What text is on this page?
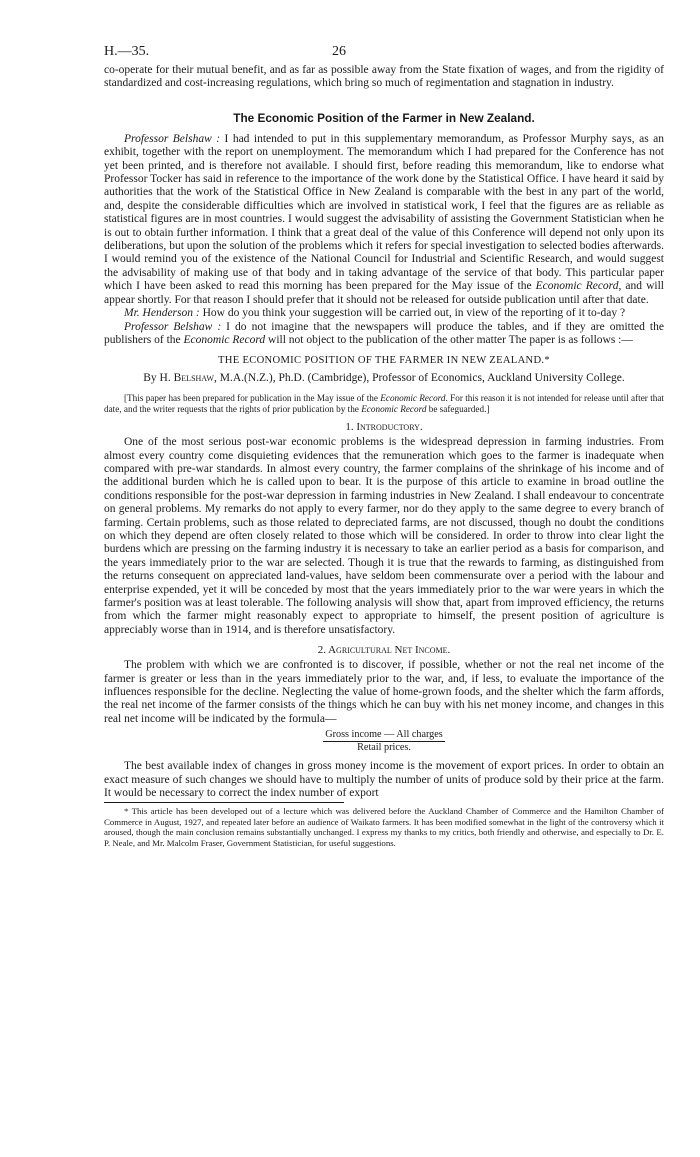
H.—35.	26

co-operate for their mutual benefit, and as far as possible away from the State fixation of wages, and from the rigidity of standardized and cost-increasing regulations, which bring so much of regimentation and stagnation in industry.

The Economic Position of the Farmer in New Zealand.

Professor Belshaw : I had intended to put in this supplementary memorandum, as Professor Murphy says, as an exhibit, together with the report on unemployment. The memorandum which I had prepared for the Conference has not yet been printed, and is therefore not available. I should first, before reading this memorandum, like to endorse what Professor Tocker has said in reference to the importance of the work done by the Statistical Office. I have heard it said by authorities that the work of the Statistical Office in New Zealand is comparable with the best in any part of the world, and, despite the considerable difficulties which are involved in statistical work, I feel that the figures are as reliable as statistical figures are in most countries. I would suggest the advisability of assisting the Government Statistician when he is out to obtain further information. I think that a great deal of the value of this Conference will depend not only upon its deliberations, but upon the solution of the problems which it refers for special investigation to selected bodies afterwards. I would remind you of the existence of the National Council for Industrial and Scientific Research, and would suggest the advisability of making use of that body and in taking advantage of the service of that body. This particular paper which I have been asked to read this morning has been prepared for the May issue of the Economic Record, and will appear shortly. For that reason I should prefer that it should not be released for outside publication until after that date.

Mr. Henderson : How do you think your suggestion will be carried out, in view of the reporting of it to-day ?

Professor Belshaw : I do not imagine that the newspapers will produce the tables, and if they are omitted the publishers of the Economic Record will not object to the publication of the other matter The paper is as follows :—

THE ECONOMIC POSITION OF THE FARMER IN NEW ZEALAND.*
By H. Belshaw, M.A.(N.Z.), Ph.D. (Cambridge), Professor of Economics, Auckland University College.
[This paper has been prepared for publication in the May issue of the Economic Record. For this reason it is not intended for release until after that date, and the writer requests that the rights of prior publication by the Economic Record be safeguarded.]
1. Introductory.

One of the most serious post-war economic problems is the widespread depression in farming industries. From almost every country come disquieting evidences that the remuneration which goes to the farmer is inadequate when compared with pre-war standards. In almost every country, the farmer complains of the shrinkage of his income and of the additional burden which he is called upon to bear. It is the purpose of this article to examine in broad outline the conditions responsible for the post-war depression in farming industries in New Zealand. I shall endeavour to concentrate on general problems. My remarks do not apply to every farmer, nor do they apply to the same degree to every branch of farming. Certain problems, such as those related to depreciated farms, are not discussed, though no doubt the conditions on which they depend are often closely related to those which will be considered. In order to throw into clear light the burdens which are pressing on the farming industry it is necessary to take an earlier period as a basis for comparison, and the years immediately prior to the war are selected. Though it is true that the rewards to farming, as distinguished from the returns consequent on appreciated land-values, have seldom been commensurate over a period with the labour and enterprise expended, yet it will be conceded by most that the years immediately prior to the war were years in which the farmer's position was at least tolerable. The following analysis will show that, apart from improved efficiency, the returns from which the farmer might reasonably expect to appropriate to himself, the present position of agriculture is appreciably worse than in 1914, and is therefore unsatisfactory.

2. Agricultural Net Income.

The problem with which we are confronted is to discover, if possible, whether or not the real net income of the farmer is greater or less than in the years immediately prior to the war, and, if less, to evaluate the importance of the influences responsible for the decline. Neglecting the value of home-grown foods, and the shelter which the farm affords, the real net income of the farmer consists of the things which he can buy with his net money income, and changes in this real net income will be indicated by the formula—

Gross income — All charges
Retail prices.

The best available index of changes in gross money income is the movement of export prices. In order to obtain an exact measure of such changes we should have to multiply the number of units of produce sold by their price at the farm. It would be necessary to correct the index number of export

* This article has been developed out of a lecture which was delivered before the Auckland Chamber of Commerce and the Hamilton Chamber of Commerce in August, 1927, and repeated later before an audience of Waikato farmers. It has been modified somewhat in the light of the controversy which it aroused, though the main conclusion remains substantially unchanged. I express my thanks to my critics, both friendly and otherwise, and especially to Dr. E. P. Neale, and Mr. Malcolm Fraser, Government Statistician, for useful suggestions.
